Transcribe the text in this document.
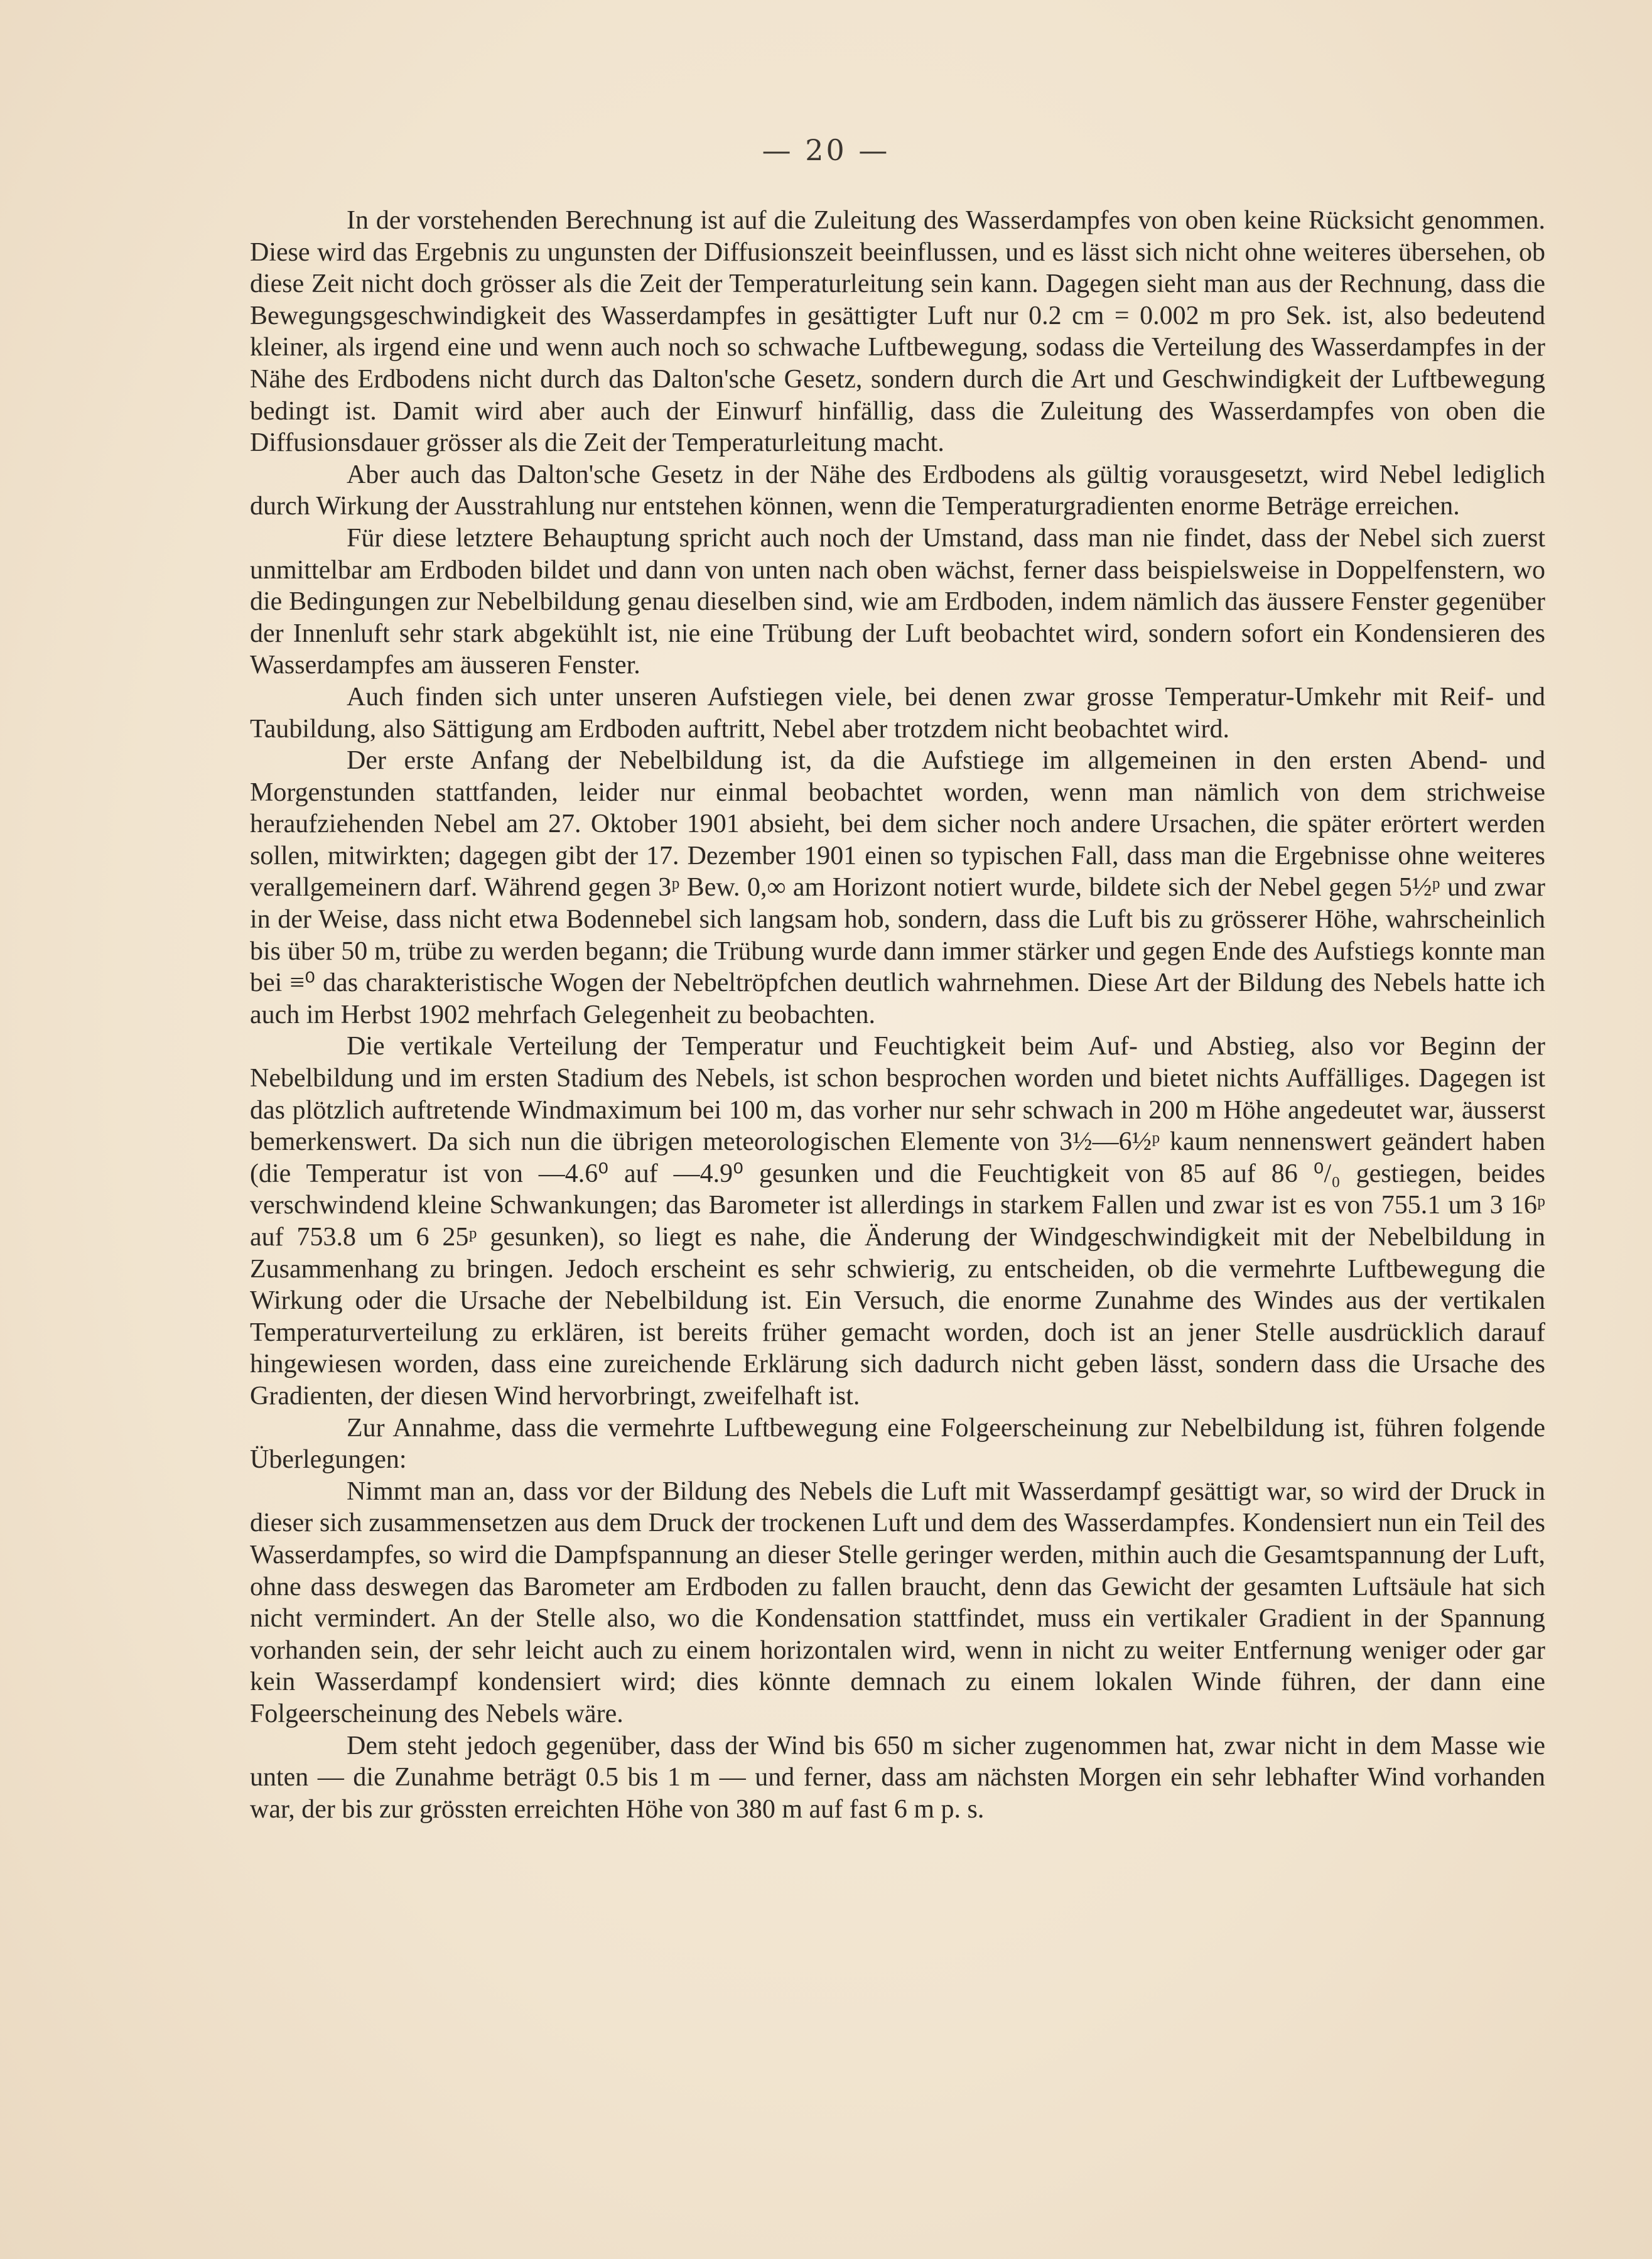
— 20 —

In der vorstehenden Berechnung ist auf die Zuleitung des Wasserdampfes von oben keine Rücksicht genommen. Diese wird das Ergebnis zu ungunsten der Diffusionszeit beeinflussen, und es lässt sich nicht ohne weiteres übersehen, ob diese Zeit nicht doch grösser als die Zeit der Temperaturleitung sein kann. Dagegen sieht man aus der Rechnung, dass die Bewegungsgeschwindigkeit des Wasserdampfes in gesättigter Luft nur 0.2 cm = 0.002 m pro Sek. ist, also bedeutend kleiner, als irgend eine und wenn auch noch so schwache Luftbewegung, sodass die Verteilung des Wasserdampfes in der Nähe des Erdbodens nicht durch das Dalton'sche Gesetz, sondern durch die Art und Geschwindigkeit der Luftbewegung bedingt ist. Damit wird aber auch der Einwurf hinfällig, dass die Zuleitung des Wasserdampfes von oben die Diffusionsdauer grösser als die Zeit der Temperaturleitung macht.

Aber auch das Dalton'sche Gesetz in der Nähe des Erdbodens als gültig vorausgesetzt, wird Nebel lediglich durch Wirkung der Ausstrahlung nur entstehen können, wenn die Temperaturgradienten enorme Beträge erreichen.

Für diese letztere Behauptung spricht auch noch der Umstand, dass man nie findet, dass der Nebel sich zuerst unmittelbar am Erdboden bildet und dann von unten nach oben wächst, ferner dass beispielsweise in Doppelfenstern, wo die Bedingungen zur Nebelbildung genau dieselben sind, wie am Erdboden, indem nämlich das äussere Fenster gegenüber der Innenluft sehr stark abgekühlt ist, nie eine Trübung der Luft beobachtet wird, sondern sofort ein Kondensieren des Wasserdampfes am äusseren Fenster.

Auch finden sich unter unseren Aufstiegen viele, bei denen zwar grosse Temperatur-Umkehr mit Reif- und Taubildung, also Sättigung am Erdboden auftritt, Nebel aber trotzdem nicht beobachtet wird.

Der erste Anfang der Nebelbildung ist, da die Aufstiege im allgemeinen in den ersten Abend- und Morgenstunden stattfanden, leider nur einmal beobachtet worden, wenn man nämlich von dem strichweise heraufziehenden Nebel am 27. Oktober 1901 absieht, bei dem sicher noch andere Ursachen, die später erörtert werden sollen, mitwirkten; dagegen gibt der 17. Dezember 1901 einen so typischen Fall, dass man die Ergebnisse ohne weiteres verallgemeinern darf. Während gegen 3ᵖ Bew. 0,∞ am Horizont notiert wurde, bildete sich der Nebel gegen 5½ᵖ und zwar in der Weise, dass nicht etwa Bodennebel sich langsam hob, sondern, dass die Luft bis zu grösserer Höhe, wahrscheinlich bis über 50 m, trübe zu werden begann; die Trübung wurde dann immer stärker und gegen Ende des Aufstiegs konnte man bei ≡⁰ das charakteristische Wogen der Nebeltröpfchen deutlich wahrnehmen. Diese Art der Bildung des Nebels hatte ich auch im Herbst 1902 mehrfach Gelegenheit zu beobachten.

Die vertikale Verteilung der Temperatur und Feuchtigkeit beim Auf- und Abstieg, also vor Beginn der Nebelbildung und im ersten Stadium des Nebels, ist schon besprochen worden und bietet nichts Auffälliges. Dagegen ist das plötzlich auftretende Windmaximum bei 100 m, das vorher nur sehr schwach in 200 m Höhe angedeutet war, äusserst bemerkenswert. Da sich nun die übrigen meteorologischen Elemente von 3½—6½ᵖ kaum nennenswert geändert haben (die Temperatur ist von —4.6⁰ auf —4.9⁰ gesunken und die Feuchtigkeit von 85 auf 86 ⁰/₀ gestiegen, beides verschwindend kleine Schwankungen; das Barometer ist allerdings in starkem Fallen und zwar ist es von 755.1 um 3 16ᵖ auf 753.8 um 6 25ᵖ gesunken), so liegt es nahe, die Änderung der Windgeschwindigkeit mit der Nebelbildung in Zusammenhang zu bringen. Jedoch erscheint es sehr schwierig, zu entscheiden, ob die vermehrte Luftbewegung die Wirkung oder die Ursache der Nebelbildung ist. Ein Versuch, die enorme Zunahme des Windes aus der vertikalen Temperaturverteilung zu erklären, ist bereits früher gemacht worden, doch ist an jener Stelle ausdrücklich darauf hingewiesen worden, dass eine zureichende Erklärung sich dadurch nicht geben lässt, sondern dass die Ursache des Gradienten, der diesen Wind hervorbringt, zweifelhaft ist.

Zur Annahme, dass die vermehrte Luftbewegung eine Folgeerscheinung zur Nebelbildung ist, führen folgende Überlegungen:

Nimmt man an, dass vor der Bildung des Nebels die Luft mit Wasserdampf gesättigt war, so wird der Druck in dieser sich zusammensetzen aus dem Druck der trockenen Luft und dem des Wasserdampfes. Kondensiert nun ein Teil des Wasserdampfes, so wird die Dampfspannung an dieser Stelle geringer werden, mithin auch die Gesamtspannung der Luft, ohne dass deswegen das Barometer am Erdboden zu fallen braucht, denn das Gewicht der gesamten Luftsäule hat sich nicht vermindert. An der Stelle also, wo die Kondensation stattfindet, muss ein vertikaler Gradient in der Spannung vorhanden sein, der sehr leicht auch zu einem horizontalen wird, wenn in nicht zu weiter Entfernung weniger oder gar kein Wasserdampf kondensiert wird; dies könnte demnach zu einem lokalen Winde führen, der dann eine Folgeerscheinung des Nebels wäre.

Dem steht jedoch gegenüber, dass der Wind bis 650 m sicher zugenommen hat, zwar nicht in dem Masse wie unten — die Zunahme beträgt 0.5 bis 1 m — und ferner, dass am nächsten Morgen ein sehr lebhafter Wind vorhanden war, der bis zur grössten erreichten Höhe von 380 m auf fast 6 m p. s.
